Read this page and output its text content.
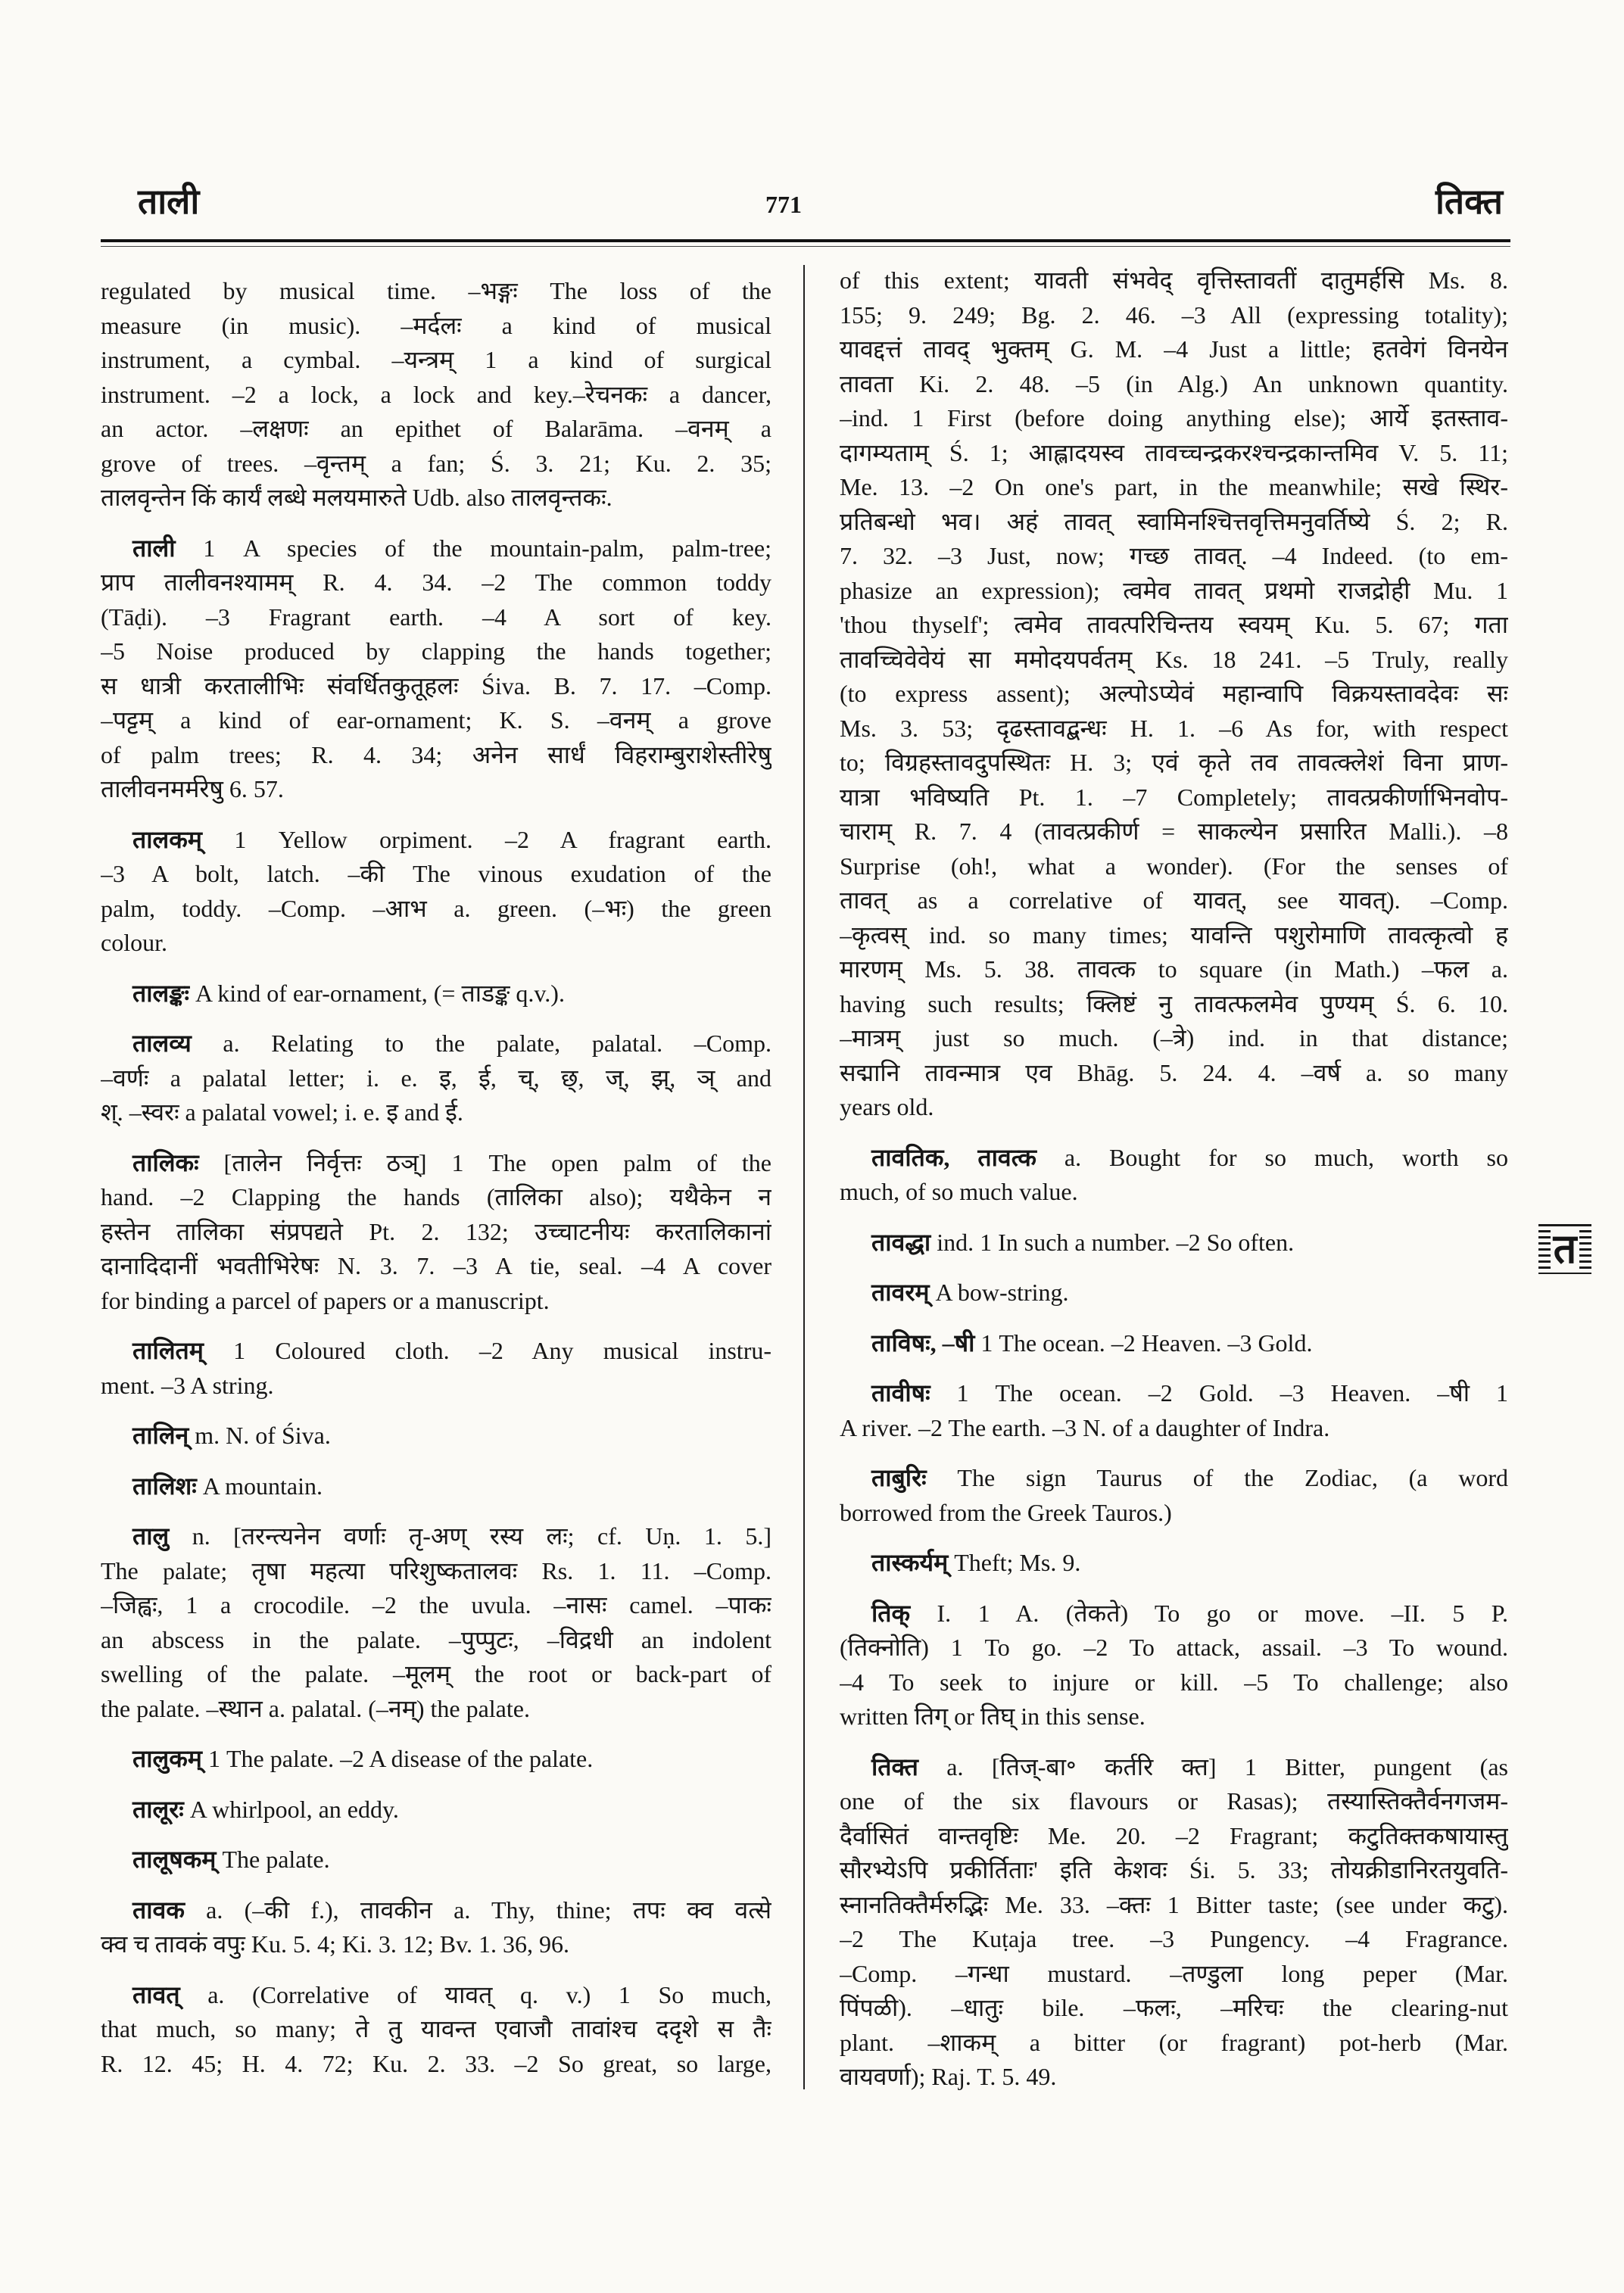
ताली	771	तिक्त
regulated by musical time. –भङ्गः The loss of the
measure (in music). –मर्दलः a kind of musical
instrument, a cymbal. –यन्त्रम् 1 a kind of surgical
instrument. –2 a lock, a lock and key.–रेचनकः a dancer,
an actor. –लक्षणः an epithet of Balarāma. –वनम् a
grove of trees. –वृन्तम् a fan; Ś. 3. 21; Ku. 2. 35;
तालवृन्तेन किं कार्यं लब्धे मलयमारुते Udb. also तालवृन्तकः.
ताली 1 A species of the mountain-palm, palm-tree;
प्राप तालीवनश्यामम् R. 4. 34. –2 The common toddy
(Tāḍi). –3 Fragrant earth. –4 A sort of key.
–5 Noise produced by clapping the hands together;
स धात्री करतालीभिः संवर्धितकुतूहलः Śiva. B. 7. 17. –Comp.
–पट्टम् a kind of ear-ornament; K. S. –वनम् a grove
of palm trees; R. 4. 34; अनेन सार्धं विहराम्बुराशेस्तीरेषु
तालीवनमर्मरेषु 6. 57.
तालकम् 1 Yellow orpiment. –2 A fragrant earth.
–3 A bolt, latch. –की The vinous exudation of the
palm, toddy. –Comp. –आभ a. green. (–भः) the green
colour.
तालङ्कः A kind of ear-ornament, (= ताडङ्क q.v.).
तालव्य a. Relating to the palate, palatal. –Comp.
–वर्णः a palatal letter; i. e. इ, ई, च्, छ्, ज्, झ्, ञ् and
श्. –स्वरः a palatal vowel; i. e. इ and ई.
तालिकः [तालेन निर्वृत्तः ठञ्] 1 The open palm of the
hand. –2 Clapping the hands (तालिका also); यथैकेन न
हस्तेन तालिका संप्रपद्यते Pt. 2. 132; उच्चाटनीयः करतालिकानां
दानादिदानीं भवतीभिरेषः N. 3. 7. –3 A tie, seal. –4 A cover
for binding a parcel of papers or a manuscript.
तालितम् 1 Coloured cloth. –2 Any musical instru-
ment. –3 A string.
तालिन् m. N. of Śiva.
तालिशः A mountain.
तालु n. [तरन्त्यनेन वर्णाः तृ-अण् रस्य लः; cf. Uṇ. 1. 5.]
The palate; तृषा महत्या परिशुष्कतालवः Rs. 1. 11. –Comp.
–जिह्वः, 1 a crocodile. –2 the uvula. –नासः camel. –पाकः
an abscess in the palate. –पुप्पुटः, –विद्रधी an indolent
swelling of the palate. –मूलम् the root or back-part of
the palate. –स्थान a. palatal. (–नम्) the palate.
तालुकम् 1 The palate. –2 A disease of the palate.
तालूरः A whirlpool, an eddy.
तालूषकम् The palate.
तावक a. (–की f.), तावकीन a. Thy, thine; तपः क्व वत्से
क्व च तावकं वपुः Ku. 5. 4; Ki. 3. 12; Bv. 1. 36, 96.
तावत् a. (Correlative of यावत् q. v.) 1 So much,
that much, so many; ते तु यावन्त एवाजौ तावांश्च ददृशे स तैः
R. 12. 45; H. 4. 72; Ku. 2. 33. –2 So great, so large,
of this extent; यावती संभवेद् वृत्तिस्तावतीं दातुमर्हसि Ms. 8.
155; 9. 249; Bg. 2. 46. –3 All (expressing totality);
यावद्दत्तं तावद् भुक्तम् G. M. –4 Just a little; हतवेगं विनयेन
तावता Ki. 2. 48. –5 (in Alg.) An unknown quantity.
–ind. 1 First (before doing anything else); आर्ये इतस्ताव-
दागम्यताम् Ś. 1; आह्लादयस्व तावच्चन्द्रकरश्चन्द्रकान्तमिव V. 5. 11;
Me. 13. –2 On one's part, in the meanwhile; सखे स्थिर-
प्रतिबन्धो भव। अहं तावत् स्वामिनश्चित्तवृत्तिमनुवर्तिष्ये Ś. 2; R.
7. 32. –3 Just, now; गच्छ तावत्. –4 Indeed. (to em-
phasize an expression); त्वमेव तावत् प्रथमो राजद्रोही Mu. 1
'thou thyself'; त्वमेव तावत्परिचिन्तय स्वयम् Ku. 5. 67; गता
तावच्चिवेवेयं सा ममोदयपर्वतम् Ks. 18 241. –5 Truly, really
(to express assent); अल्पोऽप्येवं महान्वापि विक्रयस्तावदेवः सः
Ms. 3. 53; दृढस्तावद्बन्धः H. 1. –6 As for, with respect
to; विग्रहस्तावदुपस्थितः H. 3; एवं कृते तव तावत्क्लेशं विना प्राण-
यात्रा भविष्यति Pt. 1. –7 Completely; तावत्प्रकीर्णाभिनवोप-
चाराम् R. 7. 4 (तावत्प्रकीर्ण = साकल्येन प्रसारित Malli.). –8
Surprise (oh!, what a wonder). (For the senses of
तावत् as a correlative of यावत्, see यावत्). –Comp.
–कृत्वस् ind. so many times; यावन्ति पशुरोमाणि तावत्कृत्वो ह
मारणम् Ms. 5. 38. तावत्क to square (in Math.) –फल a.
having such results; क्लिष्टं नु तावत्फलमेव पुण्यम् Ś. 6. 10.
–मात्रम् just so much. (–त्रे) ind. in that distance;
सद्मानि तावन्मात्र एव Bhāg. 5. 24. 4. –वर्ष a. so many
years old.
तावतिक, तावत्क a. Bought for so much, worth so
much, of so much value.
तावद्धा ind. 1 In such a number. –2 So often.
तावरम् A bow-string.
ताविषः, –षी 1 The ocean. –2 Heaven. –3 Gold.
तावीषः 1 The ocean. –2 Gold. –3 Heaven. –षी 1
A river. –2 The earth. –3 N. of a daughter of Indra.
ताबुरिः The sign Taurus of the Zodiac, (a word
borrowed from the Greek Tauros.)
तास्कर्यम् Theft; Ms. 9.
तिक् I. 1 A. (तेकते) To go or move. –II. 5 P.
(तिक्नोति) 1 To go. –2 To attack, assail. –3 To wound.
–4 To seek to injure or kill. –5 To challenge; also
written तिग् or तिघ् in this sense.
तिक्त a. [तिज्-बा॰ कर्तरि क्त] 1 Bitter, pungent (as
one of the six flavours or Rasas); तस्यास्तिक्तैर्वनगजम-
दैर्वासितं वान्तवृष्टिः Me. 20. –2 Fragrant; कटुतिक्तकषायास्तु
सौरभ्येऽपि प्रकीर्तिताः' इति केशवः Śi. 5. 33; तोयक्रीडानिरतयुवति-
स्नानतिक्तैर्मरुद्भिः Me. 33. –क्तः 1 Bitter taste; (see under कटु).
–2 The Kuṭaja tree. –3 Pungency. –4 Fragrance.
–Comp. –गन्धा mustard. –तण्डुला long peper (Mar.
पिंपळी). –धातुः bile. –फलः, –मरिचः the clearing-nut
plant. –शाकम् a bitter (or fragrant) pot-herb (Mar.
वायवर्णा); Raj. T. 5. 49.
त
